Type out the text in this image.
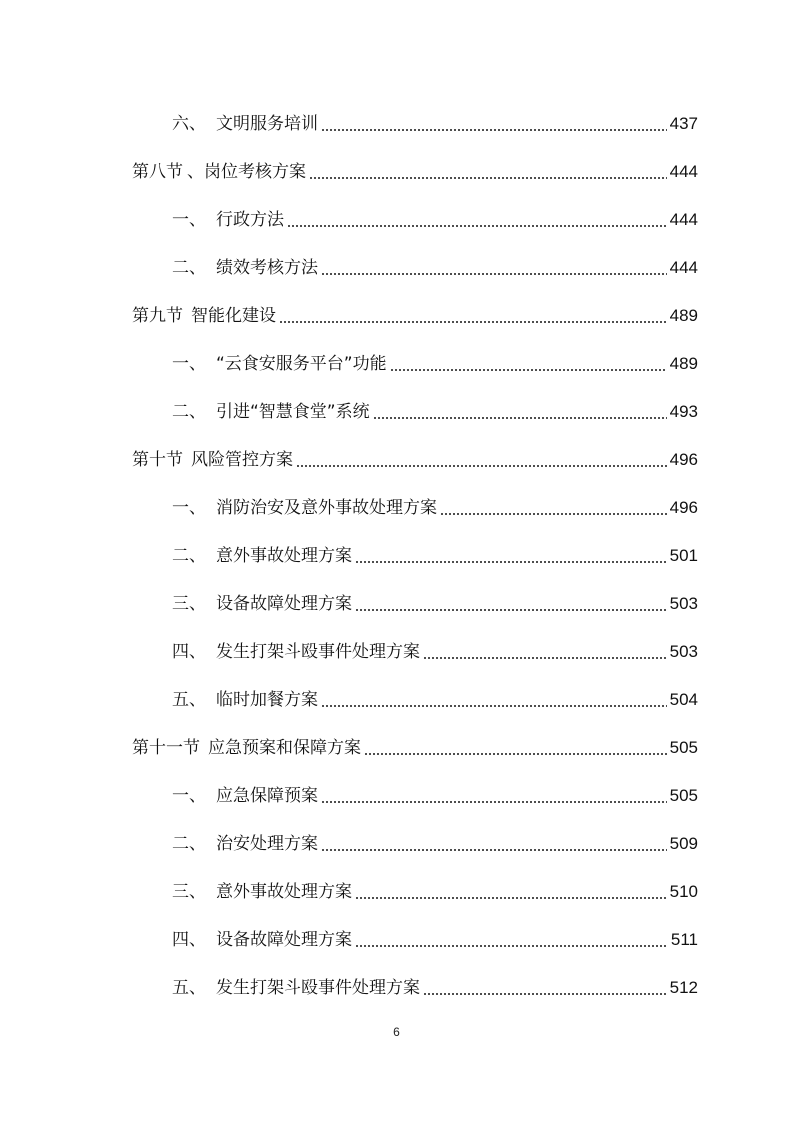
六、 文明服务培训	437
第八节 、岗位考核方案	444
一、 行政方法	444
二、 绩效考核方法	444
第九节 智能化建设	489
一、 “云食安服务平台”功能	489
二、 引进“智慧食堂”系统	493
第十节 风险管控方案	496
一、 消防治安及意外事故处理方案	496
二、 意外事故处理方案	501
三、 设备故障处理方案	503
四、 发生打架斗殴事件处理方案	503
五、 临时加餐方案	504
第十一节 应急预案和保障方案	505
一、 应急保障预案	505
二、 治安处理方案	509
三、 意外事故处理方案	510
四、 设备故障处理方案	511
五、 发生打架斗殴事件处理方案	512
6
